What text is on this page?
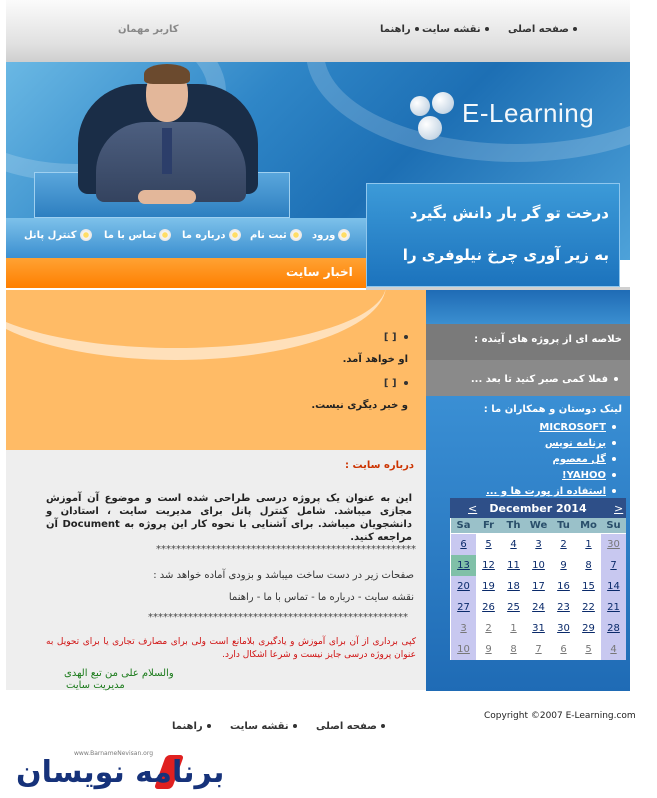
کاربر مهمان	راهنما	نقشه سایت	صفحه اصلی
E-Learning
ورود
ثبت نام
درباره ما
تماس با ما
کنترل پانل
درخت تو گر بار دانش بگیرد
به زیر آوری چرخ نیلوفری را
اخبار سایت
[ ]
او خواهد آمد.
[ ]
و خبر دیگری نیست.
درباره سایت :
این به عنوان یک پروژه درسی طراحی شده است و موضوع آن آموزش مجازی میباشد. شامل کنترل پانل برای مدیریت سایت ، استادان و دانشجویان میباشد. برای آشنایی با نحوه کار این پروژه به Document آن مراجعه کنید.
****************************************************
صفحات زیر در دست ساخت میباشد و بزودی آماده خواهد شد :
نقشه سایت - درباره ما - تماس با ما - راهنما
****************************************************
کپی برداری از آن برای آموزش و یادگیری بلامانع است ولی برای مصارف تجاری یا برای تحویل به عنوان پروژه درسی جایز نیست و شرعا اشکال دارد.
والسلام علی من تبع الهدی
مدیریت سایت
خلاصه ای از پروژه های آینده :
فعلا کمی صبر کنید تا بعد ...
لینک دوستان و همکاران ما :
MICROSOFT
برنامه نویس
گل معصوم
YAHOO!
استفاده از پورت ها و ...
<	December 2014	>
Sa	Fr	Th We Tu	Mo Su
6	5	4	3	2	1	30
13	12	11	10	9	8	7
20	19	18	17	16	15	14
27	26	25	24	23	22	21
3	2	1	31	30	29	28
10	9	8	7	6	5	4
Copyright ©2007 E-Learning.com
راهنما	نقشه سایت	صفحه اصلی
www.BarnameNevisan.org
برنامه نویسان
